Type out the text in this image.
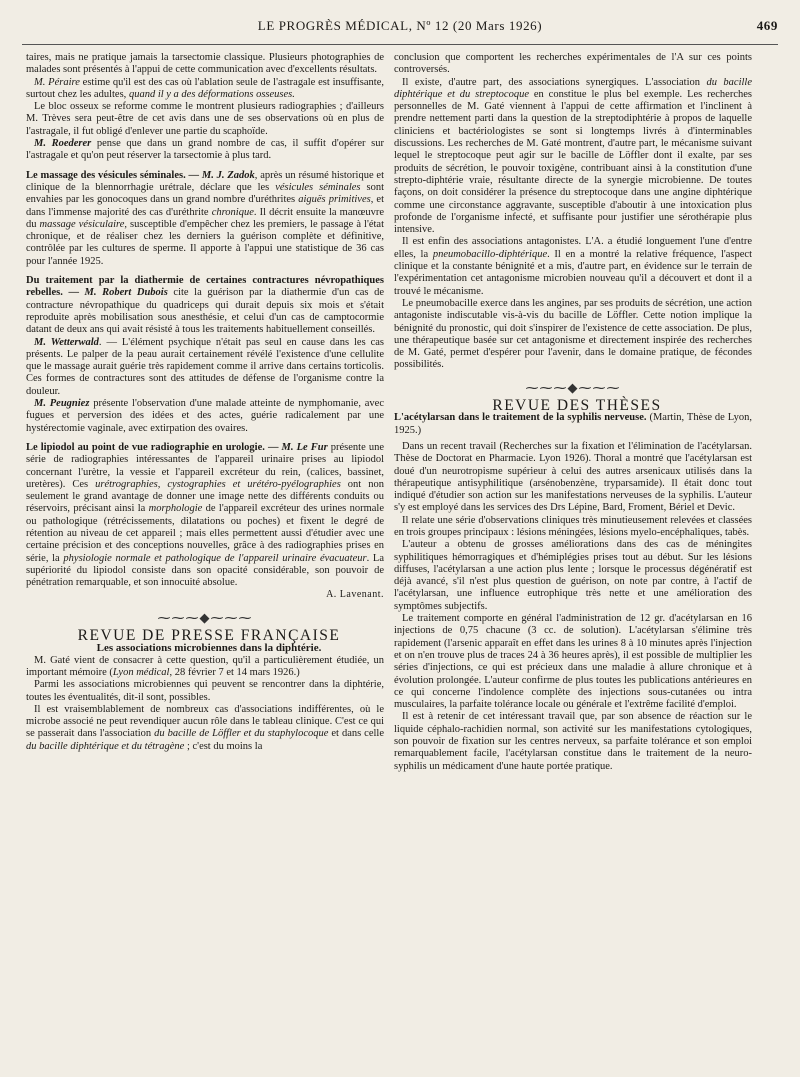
LE PROGRÈS MÉDICAL, Nº 12 (20 Mars 1926)	469

taires, mais ne pratique jamais la tarsectomie classique. Plusieurs photographies de malades sont présentés à l'appui de cette communication avec d'excellents résultats.

M. Péraire estime qu'il est des cas où l'ablation seule de l'astragale est insuffisante, surtout chez les adultes, quand il y a des déformations osseuses.

Le bloc osseux se reforme comme le montrent plusieurs radiographies ; d'ailleurs M. Trèves sera peut-être de cet avis dans une de ses observations où en plus de l'astragale, il fut obligé d'enlever une partie du scaphoïde.

M. Roederer pense que dans un grand nombre de cas, il suffit d'opérer sur l'astragale et qu'on peut réserver la tarsectomie à plus tard.

Le massage des vésicules séminales. — M. J. Zadok, après un résumé historique et clinique de la blennorrhagie urétrale, déclare que les vésicules séminales sont envahies par les gonocoques dans un grand nombre d'uréthrites aiguës primitives, et dans l'immense majorité des cas d'uréthrite chronique. Il décrit ensuite la manœuvre du massage vésiculaire, susceptible d'empêcher chez les premiers, le passage à l'état chronique, et de réaliser chez les derniers la guérison complète et définitive, contrôlée par les cultures de sperme. Il apporte à l'appui une statistique de 36 cas pour l'année 1925.

Du traitement par la diathermie de certaines contractures névropathiques rebelles. — M. Robert Dubois cite la guérison par la diathermie d'un cas de contracture névropathique du quadriceps qui durait depuis six mois et s'était reproduite après mobilisation sous anesthésie, et celui d'un cas de camptocormie datant de deux ans qui avait résisté à tous les traitements habituellement conseillés.

M. Wetterwald. — L'élément psychique n'était pas seul en cause dans les cas présents. Le palper de la peau aurait certainement révélé l'existence d'une cellulite que le massage aurait guérie très rapidement comme il arrive dans certains torticolis. Ces formes de contractures sont des attitudes de défense de l'organisme contre la douleur.

M. Peugniez présente l'observation d'une malade atteinte de nymphomanie, avec fugues et perversion des idées et des actes, guérie radicalement par une hystérectomie vaginale, avec extirpation des ovaires.

Le lipiodol au point de vue radiographie en urologie. — M. Le Fur présente une série de radiographies intéressantes de l'appareil urinaire prises au lipiodol concernant l'urètre, la vessie et l'appareil excréteur du rein, (calices, bassinet, uretères). Ces urétrographies, cystographies et urétéro-pyélographies ont non seulement le grand avantage de donner une image nette des différents conduits ou réservoirs, précisant ainsi la morphologie de l'appareil excréteur des urines normale ou pathologique (rétrécissements, dilatations ou poches) et fixent le degré de rétention au niveau de cet appareil ; mais elles permettent aussi d'étudier avec une certaine précision et des conceptions nouvelles, grâce à des radiographies prises en série, la physiologie normale et pathologique de l'appareil urinaire évacuateur. La supériorité du lipiodol consiste dans son opacité considérable, son pouvoir de pénétration remarquable, et son innocuité absolue.

A. Lavenant.

⁓⁓⁓◆⁓⁓⁓

REVUE DE PRESSE FRANÇAISE

Les associations microbiennes dans la diphtérie.

M. Gaté vient de consacrer à cette question, qu'il a particulièrement étudiée, un important mémoire (Lyon médical, 28 février 7 et 14 mars 1926.)

Parmi les associations microbiennes qui peuvent se rencontrer dans la diphtérie, toutes les éventualités, dit-il sont, possibles.

Il est vraisemblablement de nombreux cas d'associations indifférentes, où le microbe associé ne peut revendiquer aucun rôle dans le tableau clinique. C'est ce qui se passerait dans l'association du bacille de Löffler et du staphylocoque et dans celle du bacille diphtérique et du tétragène ; c'est du moins la

conclusion que comportent les recherches expérimentales de l'A sur ces points controversés.

Il existe, d'autre part, des associations synergiques. L'association du bacille diphtérique et du streptocoque en constitue le plus bel exemple. Les recherches personnelles de M. Gaté viennent à l'appui de cette affirmation et l'inclinent à prendre nettement parti dans la question de la streptodiphtérie à propos de laquelle cliniciens et bactériologistes se sont si longtemps livrés à d'interminables discussions. Les recherches de M. Gaté montrent, d'autre part, le mécanisme suivant lequel le streptocoque peut agir sur le bacille de Löffler dont il exalte, par ses produits de sécrétion, le pouvoir toxigène, contribuant ainsi à la constitution d'une strepto-diphtérie vraie, résultante directe de la synergie microbienne. De toutes façons, on doit considérer la présence du streptocoque dans une angine diphtérique comme une circonstance aggravante, susceptible d'aboutir à une intoxication plus profonde de l'organisme infecté, et suffisante pour justifier une sérothérapie plus intensive.

Il est enfin des associations antagonistes. L'A. a étudié longuement l'une d'entre elles, la pneumobacillo-diphtérique. Il en a montré la relative fréquence, l'aspect clinique et la constante bénignité et a mis, d'autre part, en évidence sur le terrain de l'expérimentation cet antagonisme microbien nouveau qu'il a découvert et dont il a trouvé le mécanisme.

Le pneumobacille exerce dans les angines, par ses produits de sécrétion, une action antagoniste indiscutable vis-à-vis du bacille de Löffler. Cette notion implique la bénignité du pronostic, qui doit s'inspirer de l'existence de cette association. De plus, une thérapeutique basée sur cet antagonisme et directement inspirée des recherches de M. Gaté, permet d'espérer pour l'avenir, dans le domaine pratique, de fécondes possibilités.

⁓⁓⁓◆⁓⁓⁓

REVUE DES THÈSES

L'acétylarsan dans le traitement de la syphilis nerveuse. (Martin, Thèse de Lyon, 1925.)

Dans un recent travail (Recherches sur la fixation et l'élimination de l'acétylarsan. Thèse de Doctorat en Pharmacie. Lyon 1926). Thoral a montré que l'acétylarsan est doué d'un neurotropisme supérieur à celui des autres arsenicaux utilisés dans la thérapeutique antisyphilitique (arsénobenzène, tryparsamide). Il était donc tout indiqué d'étudier son action sur les manifestations nerveuses de la syphilis. L'auteur s'y est employé dans les services des Drs Lépine, Bard, Froment, Bériel et Devic.

Il relate une série d'observations cliniques très minutieusement relevées et classées en trois groupes principaux : lésions méningées, lésions myelo-encéphaliques, tabès.

L'auteur a obtenu de grosses améliorations dans des cas de méningites syphilitiques hémorragiques et d'hémiplégies prises tout au début. Sur les lésions diffuses, l'acétylarsan a une action plus lente ; lorsque le processus dégénératif est déjà avancé, s'il n'est plus question de guérison, on note par contre, à l'actif de l'acétylarsan, une influence eutrophique très nette et une amélioration des symptômes subjectifs.

Le traitement comporte en général l'administration de 12 gr. d'acétylarsan en 16 injections de 0,75 chacune (3 cc. de solution). L'acétylarsan s'élimine très rapidement (l'arsenic apparaît en effet dans les urines 8 à 10 minutes après l'injection et on n'en trouve plus de traces 24 à 36 heures après), il est possible de multiplier les séries d'injections, ce qui est précieux dans une maladie à allure chronique et à évolution prolongée. L'auteur confirme de plus toutes les publications antérieures en ce qui concerne l'indolence complète des injections sous-cutanées ou intra musculaires, la parfaite tolérance locale ou générale et l'extrême facilité d'emploi.

Il est à retenir de cet intéressant travail que, par son absence de réaction sur le liquide céphalo-rachidien normal, son activité sur les manifestations cytologiques, son pouvoir de fixation sur les centres nerveux, sa parfaite tolérance et son emploi remarquablement facile, l'acétylarsan constitue dans le traitement de la neuro-syphilis un médicament d'une haute portée pratique.
